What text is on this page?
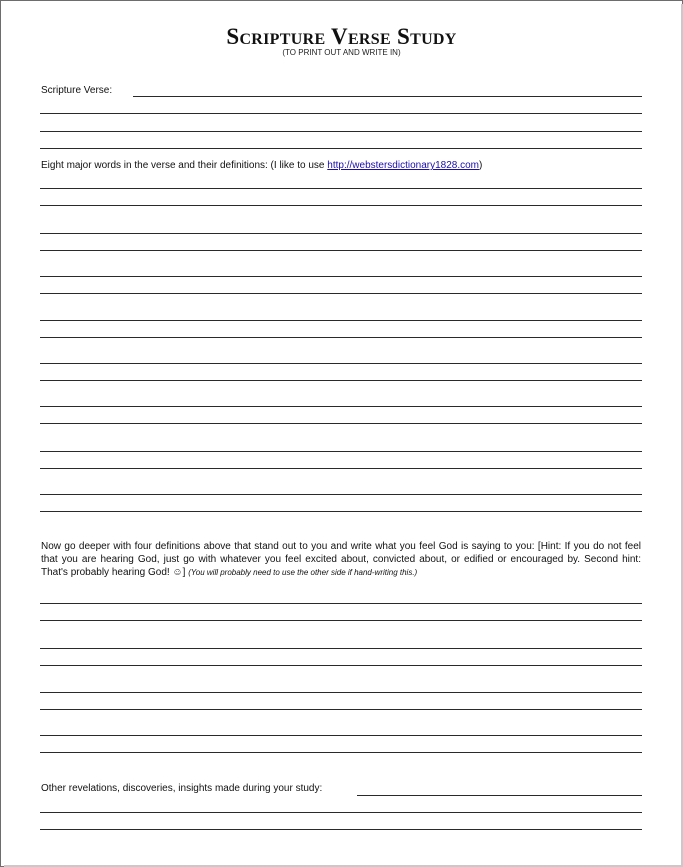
Scripture Verse Study
(TO PRINT OUT AND WRITE IN)
Scripture Verse:
Eight major words in the verse and their definitions: (I like to use http://webstersdictionary1828.com)
Now go deeper with four definitions above that stand out to you and write what you feel God is saying to you: [Hint: If you do not feel that you are hearing God, just go with whatever you feel excited about, convicted about, or edified or encouraged by. Second hint: That's probably hearing God! ☺] (You will probably need to use the other side if hand-writing this.)
Other revelations, discoveries, insights made during your study:
